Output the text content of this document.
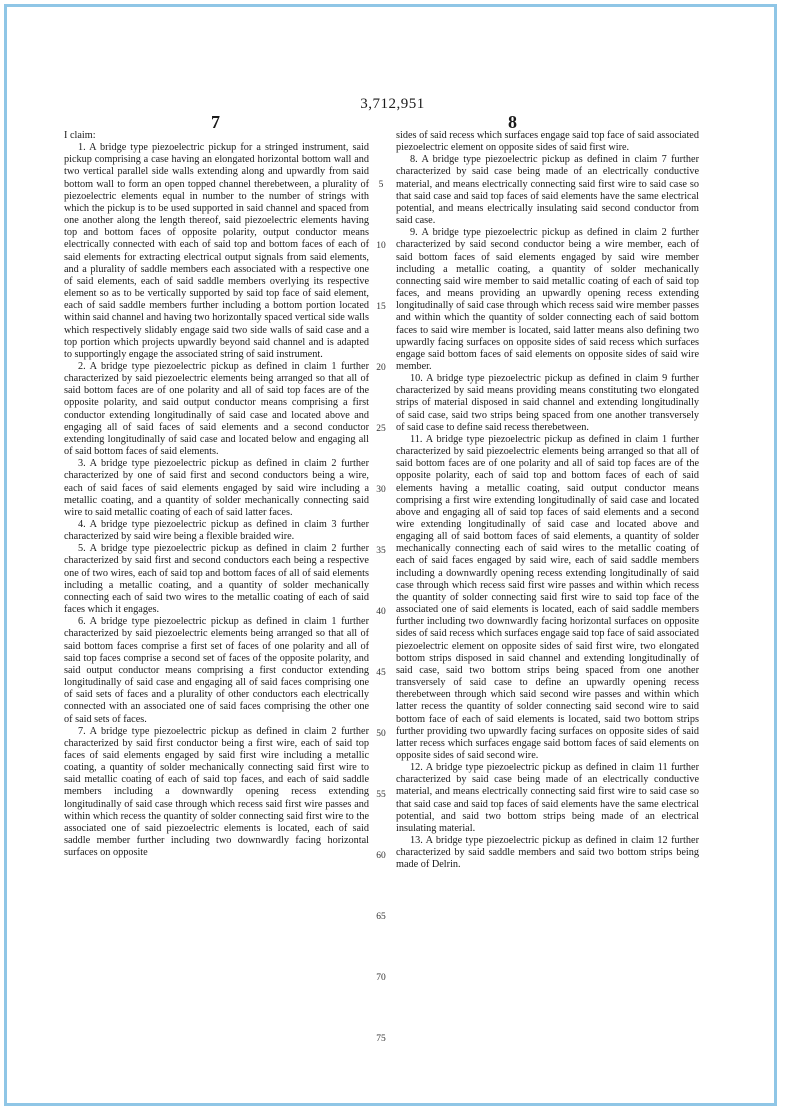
3,712,951
7	8

I claim:

1. A bridge type piezoelectric pickup for a stringed instrument, said pickup comprising a case having an elongated horizontal bottom wall and two vertical parallel side walls extending along and upwardly from said bottom wall to form an open topped channel therebetween, a plurality of piezoelectric elements equal in number to the number of strings with which the pickup is to be used supported in said channel and spaced from one another along the length thereof, said piezoelectric elements having top and bottom faces of opposite polarity, output conductor means electrically connected with each of said top and bottom faces of each of said elements for extracting electrical output signals from said elements, and a plurality of saddle members each associated with a respective one of said elements, each of said saddle members overlying its respective element so as to be vertically supported by said top face of said element, each of said saddle members further including a bottom portion located within said channel and having two horizontally spaced vertical side walls which respectively slidably engage said two side walls of said case and a top portion which projects upwardly beyond said channel and is adapted to supportingly engage the associated string of said instrument.

2. A bridge type piezoelectric pickup as defined in claim 1 further characterized by said piezoelectric elements being arranged so that all of said bottom faces are of one polarity and all of said top faces are of the opposite polarity, and said output conductor means comprising a first conductor extending longitudinally of said case and located above and engaging all of said faces of said elements and a second conductor extending longitudinally of said case and located below and engaging all of said bottom faces of said elements.

3. A bridge type piezoelectric pickup as defined in claim 2 further characterized by one of said first and second conductors being a wire, each of said faces of said elements engaged by said wire including a metallic coating, and a quantity of solder mechanically connecting said wire to said metallic coating of each of said latter faces.

4. A bridge type piezoelectric pickup as defined in claim 3 further characterized by said wire being a flexible braided wire.

5. A bridge type piezoelectric pickup as defined in claim 2 further characterized by said first and second conductors each being a respective one of two wires, each of said top and bottom faces of all of said elements including a metallic coating, and a quantity of solder mechanically connecting each of said two wires to the metallic coating of each of said faces which it engages.

6. A bridge type piezoelectric pickup as defined in claim 1 further characterized by said piezoelectric elements being arranged so that all of said bottom faces comprise a first set of faces of one polarity and all of said top faces comprise a second set of faces of the opposite polarity, and said output conductor means comprising a first conductor extending longitudinally of said case and engaging all of said faces comprising one of said sets of faces and a plurality of other conductors each electrically connected with an associated one of said faces comprising the other one of said sets of faces.

7. A bridge type piezoelectric pickup as defined in claim 2 further characterized by said first conductor being a first wire, each of said top faces of said elements engaged by said first wire including a metallic coating, a quantity of solder mechanically connecting said first wire to said metallic coating of each of said top faces, and each of said saddle members including a downwardly opening recess extending longitudinally of said case through which recess said first wire passes and within which recess the quantity of solder connecting said first wire to the associated one of said piezoelectric elements is located, each of said saddle member further including two downwardly facing horizontal surfaces on opposite

5
10
15
20
25
30
35
40
45
50
55
60
65
70
75

sides of said recess which surfaces engage said top face of said associated piezoelectric element on opposite sides of said first wire.

8. A bridge type piezoelectric pickup as defined in claim 7 further characterized by said case being made of an electrically conductive material, and means electrically connecting said first wire to said case so that said case and said top faces of said elements have the same electrical potential, and means electrically insulating said second conductor from said case.

9. A bridge type piezoelectric pickup as defined in claim 2 further characterized by said second conductor being a wire member, each of said bottom faces of said elements engaged by said wire member including a metallic coating, a quantity of solder mechanically connecting said wire member to said metallic coating of each of said top faces, and means providing an upwardly opening recess extending longitudinally of said case through which recess said wire member passes and within which the quantity of solder connecting each of said bottom faces to said wire member is located, said latter means also defining two upwardly facing surfaces on opposite sides of said recess which surfaces engage said bottom faces of said elements on opposite sides of said wire member.

10. A bridge type piezoelectric pickup as defined in claim 9 further characterized by said means providing means constituting two elongated strips of material disposed in said channel and extending longitudinally of said case, said two strips being spaced from one another transversely of said case to define said recess therebetween.

11. A bridge type piezoelectric pickup as defined in claim 1 further characterized by said piezoelectric elements being arranged so that all of said bottom faces are of one polarity and all of said top faces are of the opposite polarity, each of said top and bottom faces of each of said elements having a metallic coating, said output conductor means comprising a first wire extending longitudinally of said case and located above and engaging all of said top faces of said elements and a second wire extending longitudinally of said case and located above and engaging all of said bottom faces of said elements, a quantity of solder mechanically connecting each of said wires to the metallic coating of each of said faces engaged by said wire, each of said saddle members including a downwardly opening recess extending longitudinally of said case through which recess said first wire passes and within which recess the quantity of solder connecting said first wire to said top face of the associated one of said elements is located, each of said saddle members further including two downwardly facing horizontal surfaces on opposite sides of said recess which surfaces engage said top face of said associated piezoelectric element on opposite sides of said first wire, two elongated bottom strips disposed in said channel and extending longitudinally of said case, said two bottom strips being spaced from one another transversely of said case to define an upwardly opening recess therebetween through which said second wire passes and within which latter recess the quantity of solder connecting said second wire to said bottom face of each of said elements is located, said two bottom strips further providing two upwardly facing surfaces on opposite sides of said latter recess which surfaces engage said bottom faces of said elements on opposite sides of said second wire.

12. A bridge type piezoelectric pickup as defined in claim 11 further characterized by said case being made of an electrically conductive material, and means electrically connecting said first wire to said case so that said case and said top faces of said elements have the same electrical potential, and said two bottom strips being made of an electrical insulating material.

13. A bridge type piezoelectric pickup as defined in claim 12 further characterized by said saddle members and said two bottom strips being made of Delrin.
